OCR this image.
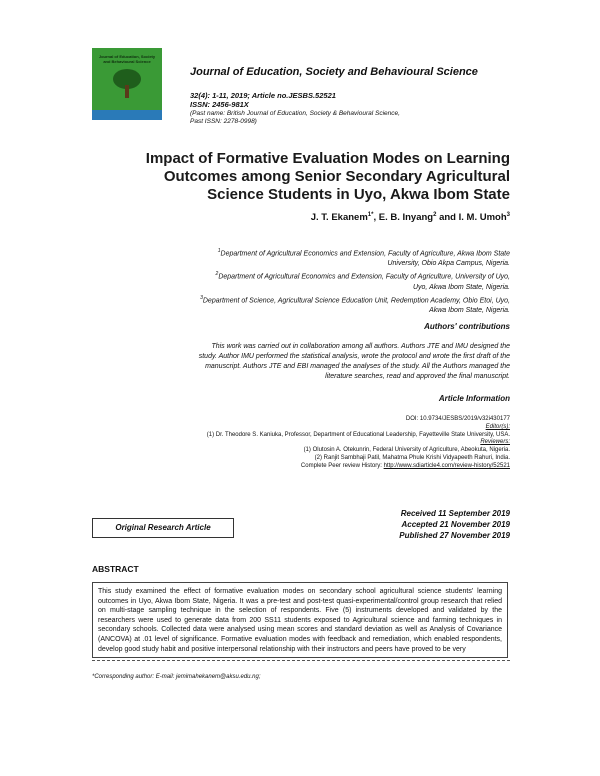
Journal of Education, Society and Behavioural Science
Journal of Education, Society and Behavioural Science
32(4): 1-11, 2019; Article no.JESBS.52521
ISSN: 2456-981X
(Past name: British Journal of Education, Society & Behavioural Science,
Past ISSN: 2278-0998)
Impact of Formative Evaluation Modes on Learning
Outcomes among Senior Secondary Agricultural
Science Students in Uyo, Akwa Ibom State
J. T. Ekanem$^{1*}$, E. B. Inyang$^2$ and I. M. Umoh$^3$
$^1$Department of Agricultural Economics and Extension, Faculty of Agriculture, Akwa Ibom State
University, Obio Akpa Campus, Nigeria.
$^2$Department of Agricultural Economics and Extension, Faculty of Agriculture, University of Uyo,
Uyo, Akwa Ibom State, Nigeria.
$^3$Department of Science, Agricultural Science Education Unit, Redemption Academy, Obio Etoi, Uyo,
Akwa Ibom State, Nigeria.
Authors' contributions
This work was carried out in collaboration among all authors. Authors JTE and IMU designed the
study. Author IMU performed the statistical analysis, wrote the protocol and wrote the first draft of the
manuscript. Authors JTE and EBI managed the analyses of the study. All the Authors managed the
literature searches, read and approved the final manuscript.
Article Information
DOI: 10.9734/JESBS/2019/v32i430177
Editor(s):
(1) Dr. Theodore S. Kaniuka, Professor, Department of Educational Leadership, Fayetteville State University, USA.
Reviewers:
(1) Olutosin A. Otekunrin, Federal University of Agriculture, Abeokuta, Nigeria.
(2) Ranjit Sambhaji Patil, Mahatma Phule Krishi Vidyapeeth Rahuri, India.
Complete Peer review History: http://www.sdiarticle4.com/review-history/52521
Received 11 September 2019
Accepted 21 November 2019
Published 27 November 2019
Original Research Article
ABSTRACT
This study examined the effect of formative evaluation modes on secondary school agricultural science students' learning outcomes in Uyo, Akwa Ibom State, Nigeria. It was a pre-test and post-test quasi-experimental/control group research that relied on multi-stage sampling technique in the selection of respondents. Five (5) instruments developed and validated by the researchers were used to generate data from 200 SS11 students exposed to Agricultural science and farming techniques in secondary schools. Collected data were analysed using mean scores and standard deviation as well as Analysis of Covariance (ANCOVA) at .01 level of significance. Formative evaluation modes with feedback and remediation, which enabled respondents, develop good study habit and positive interpersonal relationship with their instructors and peers have proved to be very
*Corresponding author: E-mail: jemimahekanem@aksu.edu.ng;
